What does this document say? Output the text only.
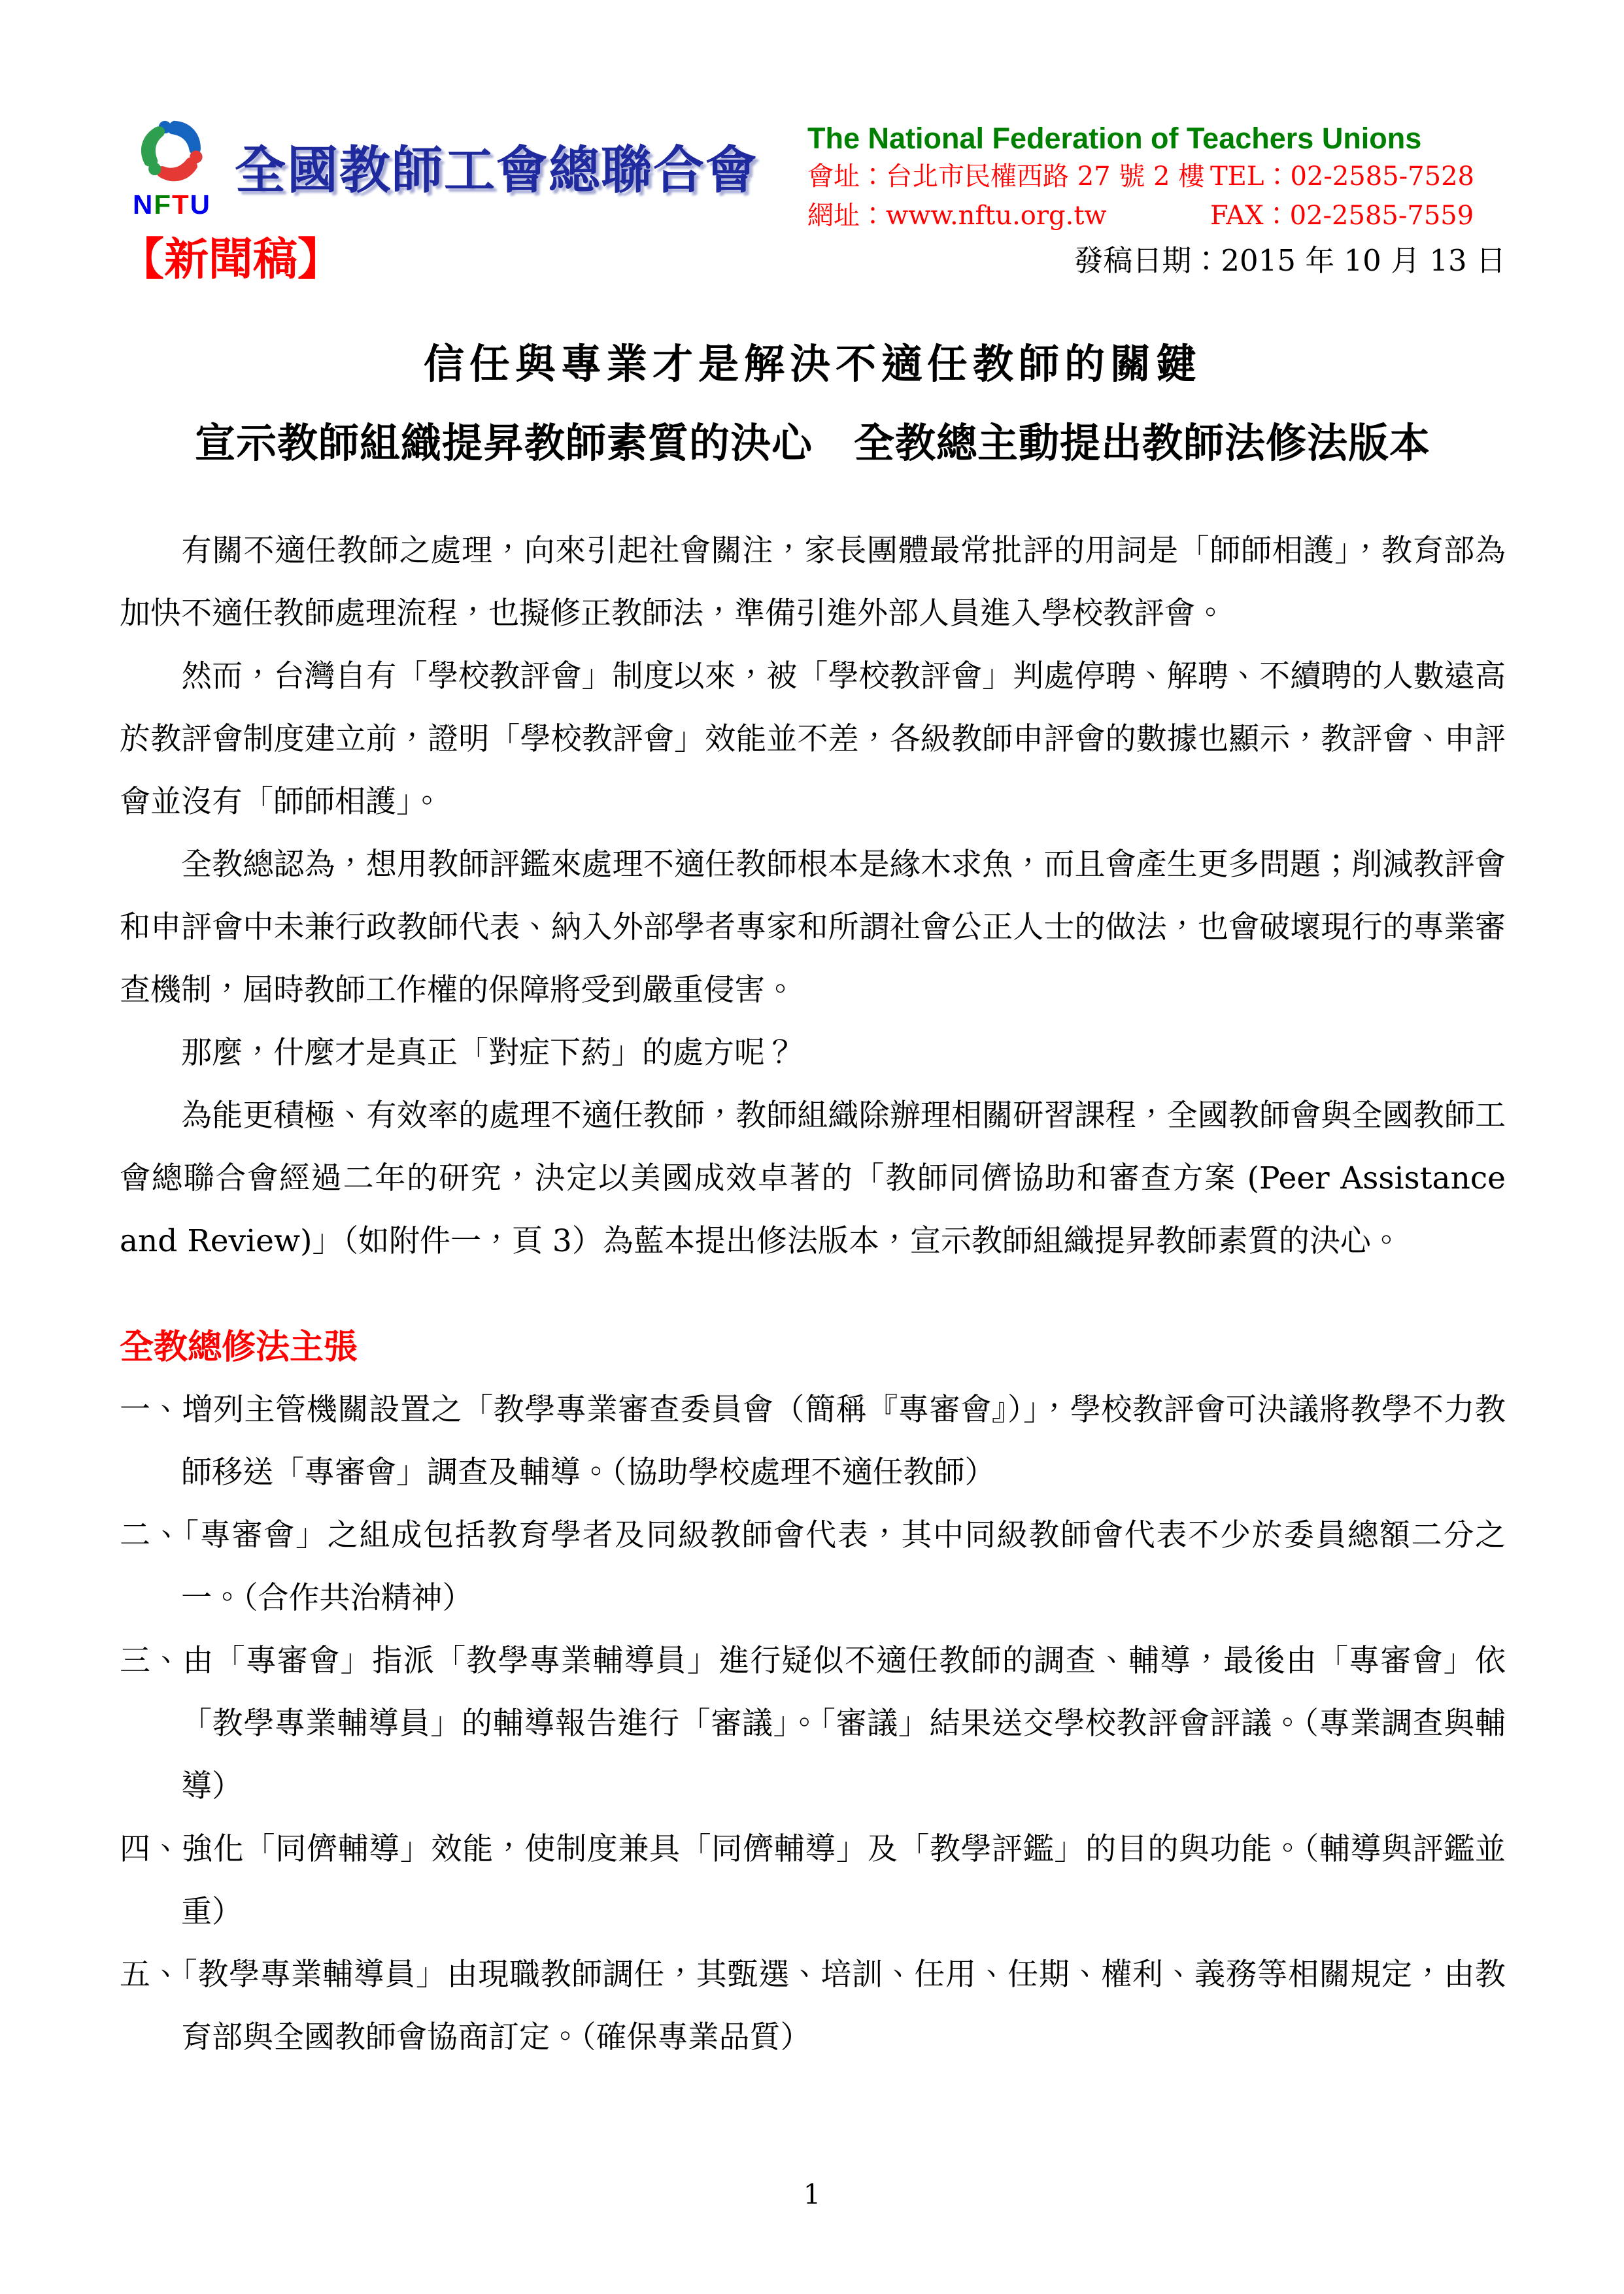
NFTU
全國教師工會總聯合會
The National Federation of Teachers Unions
會址：台北市民權西路 27 號 2 樓 TEL：02-2585-7528
網址：www.nftu.org.tw	FAX：02-2585-7559
【新聞稿】	發稿日期：2015 年 10 月 13 日
信任與專業才是解決不適任教師的關鍵
宣示教師組織提昇教師素質的決心　全教總主動提出教師法修法版本

有關不適任教師之處理，向來引起社會關注，家長團體最常批評的用詞是「師師相護」，教育部為加快不適任教師處理流程，也擬修正教師法，準備引進外部人員進入學校教評會。

然而，台灣自有「學校教評會」制度以來，被「學校教評會」判處停聘、解聘、不續聘的人數遠高於教評會制度建立前，證明「學校教評會」效能並不差，各級教師申評會的數據也顯示，教評會、申評會並沒有「師師相護」。

全教總認為，想用教師評鑑來處理不適任教師根本是緣木求魚，而且會產生更多問題；削減教評會和申評會中未兼行政教師代表、納入外部學者專家和所謂社會公正人士的做法，也會破壞現行的專業審查機制，屆時教師工作權的保障將受到嚴重侵害。

那麼，什麼才是真正「對症下葯」的處方呢？

為能更積極、有效率的處理不適任教師，教師組織除辦理相關研習課程，全國教師會與全國教師工會總聯合會經過二年的研究，決定以美國成效卓著的「教師同儕協助和審查方案 (Peer Assistance and Review)」（如附件一，頁 3）為藍本提出修法版本，宣示教師組織提昇教師素質的決心。

全教總修法主張

一、增列主管機關設置之「教學專業審查委員會（簡稱『專審會』）」，學校教評會可決議將教學不力教師移送「專審會」調查及輔導。（協助學校處理不適任教師）

二、「專審會」之組成包括教育學者及同級教師會代表，其中同級教師會代表不少於委員總額二分之一。（合作共治精神）

三、由「專審會」指派「教學專業輔導員」進行疑似不適任教師的調查、輔導，最後由「專審會」依「教學專業輔導員」的輔導報告進行「審議」。「審議」結果送交學校教評會評議。（專業調查與輔導）

四、強化「同儕輔導」效能，使制度兼具「同儕輔導」及「教學評鑑」的目的與功能。（輔導與評鑑並重）

五、「教學專業輔導員」由現職教師調任，其甄選、培訓、任用、任期、權利、義務等相關規定，由教育部與全國教師會協商訂定。（確保專業品質）

1
